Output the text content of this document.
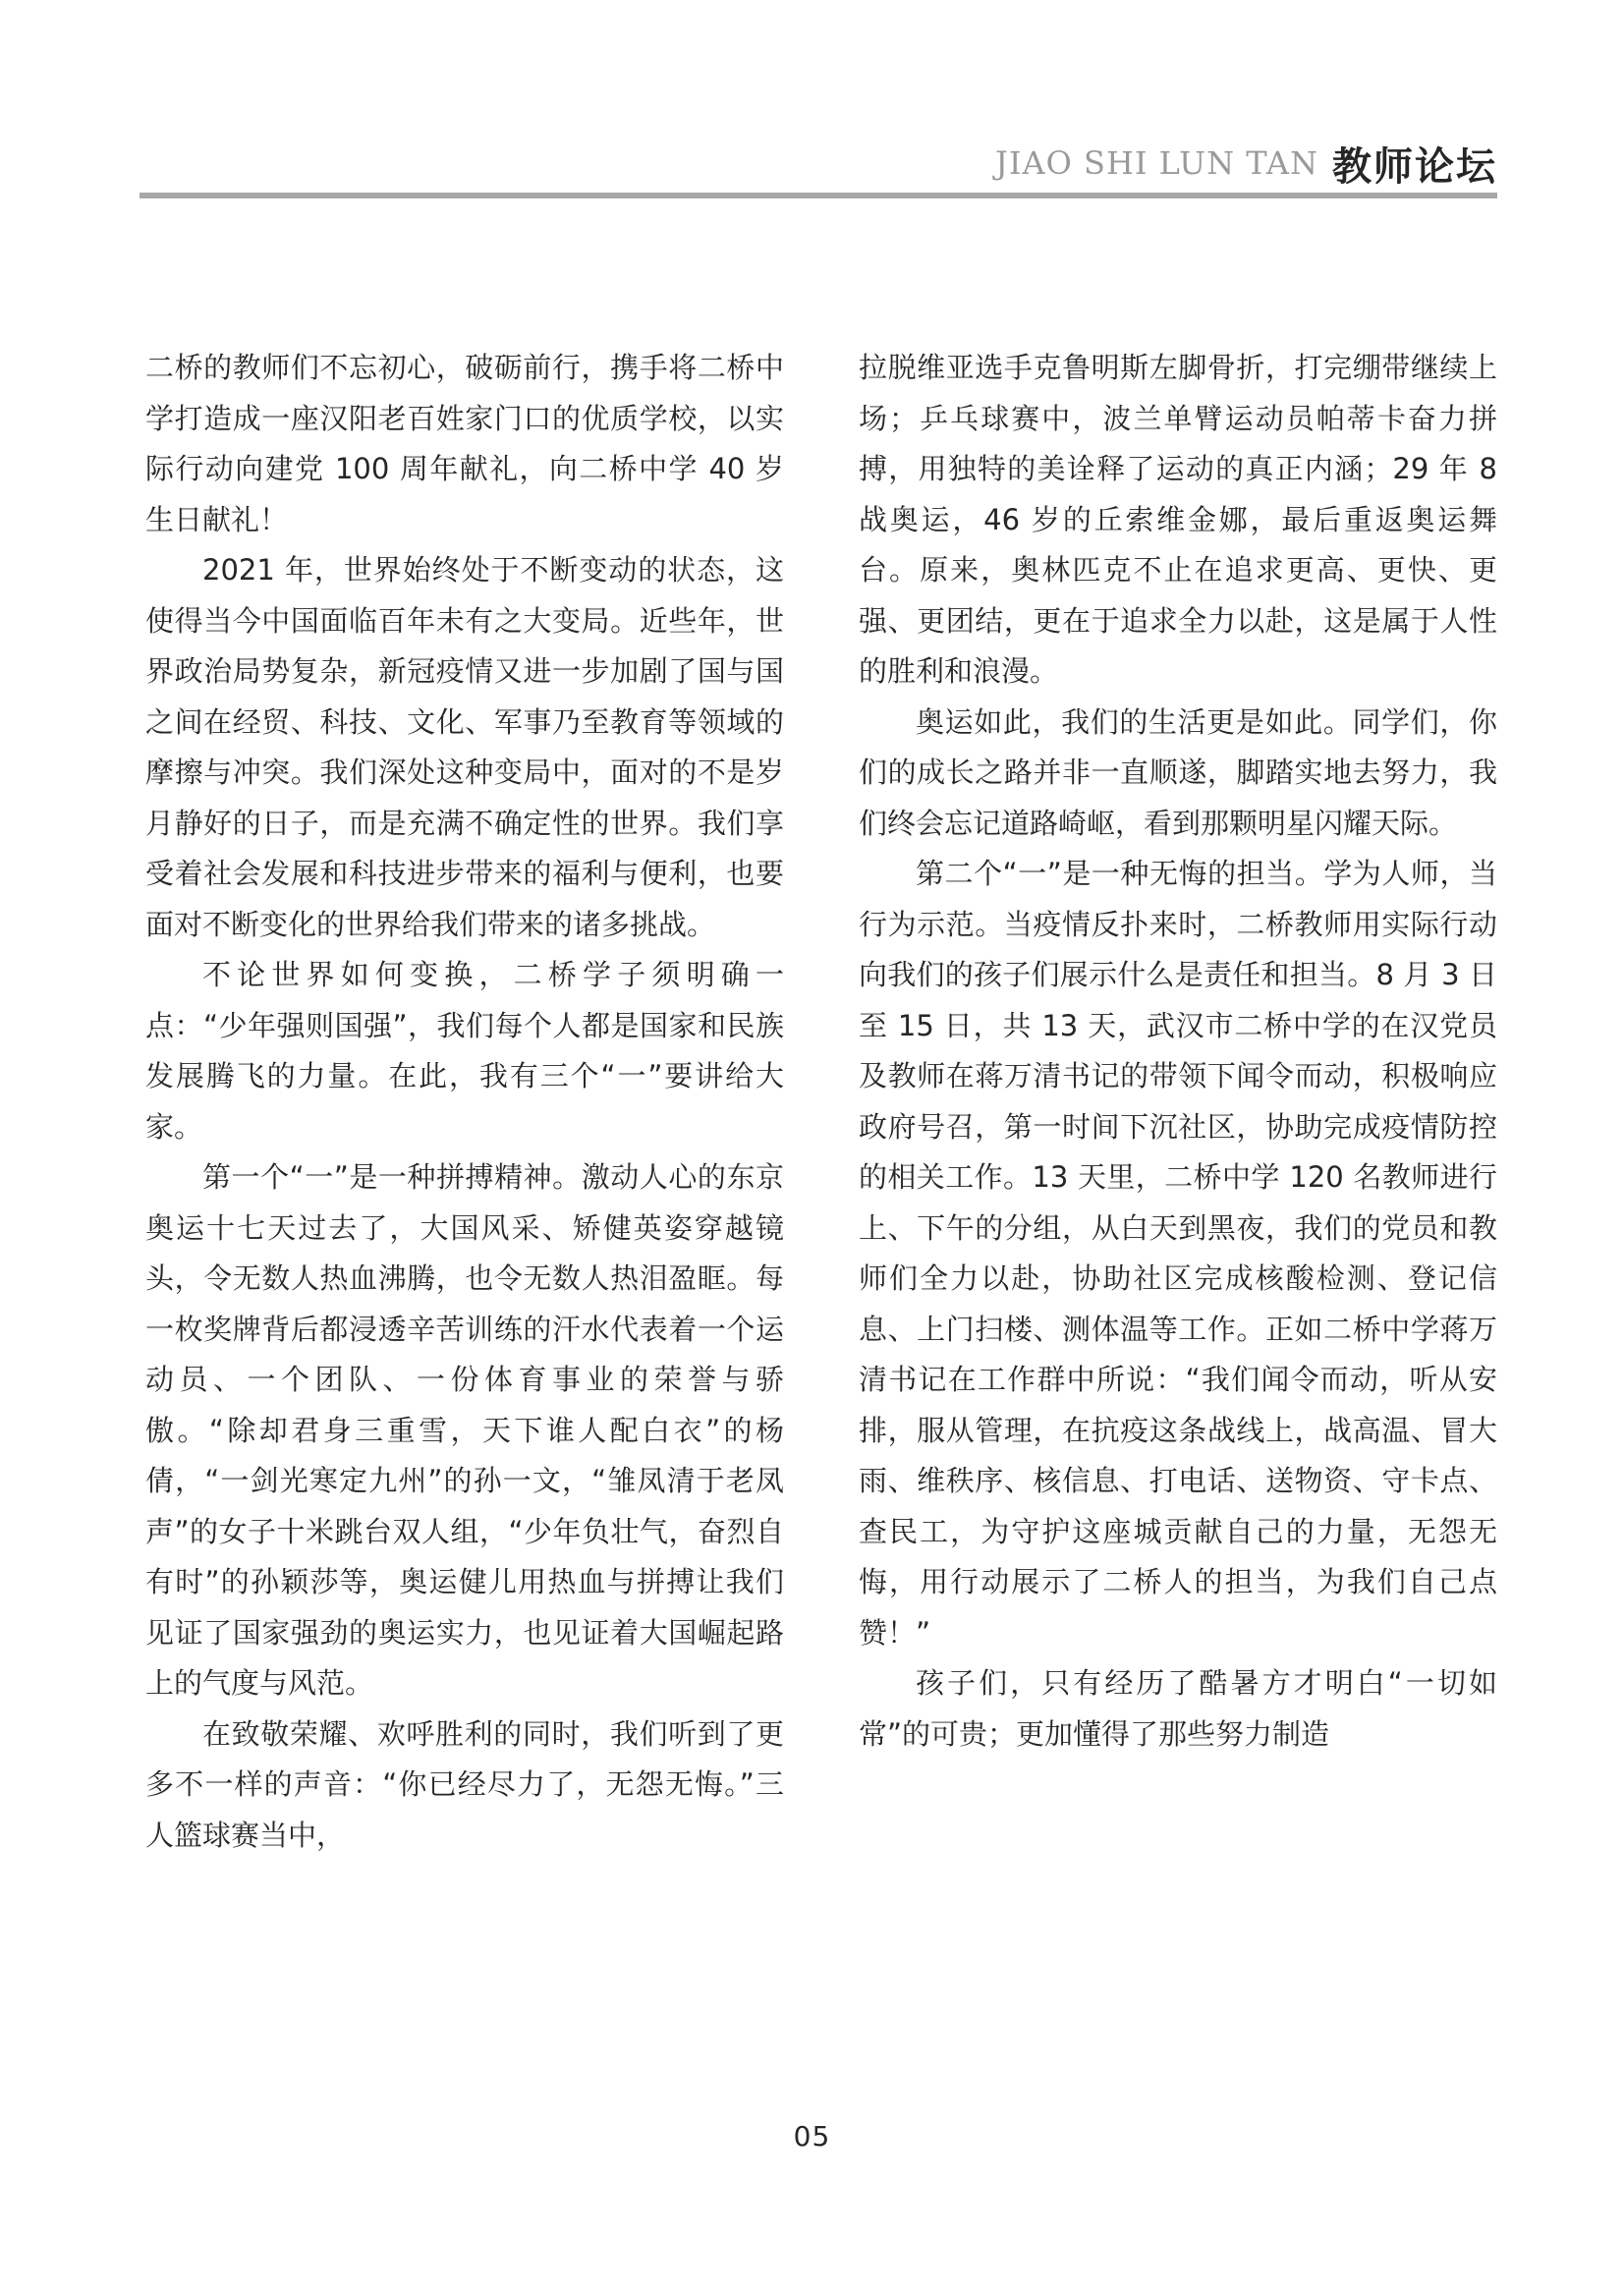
JIAO SHI LUN TAN 教师论坛

二桥的教师们不忘初心，破砺前行，携手将二桥中学打造成一座汉阳老百姓家门口的优质学校，以实际行动向建党 100 周年献礼，向二桥中学 40 岁生日献礼！

2021 年，世界始终处于不断变动的状态，这使得当今中国面临百年未有之大变局。近些年，世界政治局势复杂，新冠疫情又进一步加剧了国与国之间在经贸、科技、文化、军事乃至教育等领域的摩擦与冲突。我们深处这种变局中，面对的不是岁月静好的日子，而是充满不确定性的世界。我们享受着社会发展和科技进步带来的福利与便利，也要面对不断变化的世界给我们带来的诸多挑战。

不论世界如何变换，二桥学子须明确一点：“少年强则国强”，我们每个人都是国家和民族发展腾飞的力量。在此，我有三个“一”要讲给大家。

第一个“一”是一种拼搏精神。激动人心的东京奥运十七天过去了，大国风采、矫健英姿穿越镜头，令无数人热血沸腾，也令无数人热泪盈眶。每一枚奖牌背后都浸透辛苦训练的汗水代表着一个运动员、一个团队、一份体育事业的荣誉与骄傲。“除却君身三重雪，天下谁人配白衣”的杨倩，“一剑光寒定九州”的孙一文，“雏凤清于老凤声”的女子十米跳台双人组，“少年负壮气，奋烈自有时”的孙颖莎等，奥运健儿用热血与拼搏让我们见证了国家强劲的奥运实力，也见证着大国崛起路上的气度与风范。

在致敬荣耀、欢呼胜利的同时，我们听到了更多不一样的声音：“你已经尽力了，无怨无悔。”三人篮球赛当中，

拉脱维亚选手克鲁明斯左脚骨折，打完绷带继续上场；乒乓球赛中，波兰单臂运动员帕蒂卡奋力拼搏，用独特的美诠释了运动的真正内涵；29 年 8 战奥运，46 岁的丘索维金娜，最后重返奥运舞台。原来，奥林匹克不止在追求更高、更快、更强、更团结，更在于追求全力以赴，这是属于人性的胜利和浪漫。

奥运如此，我们的生活更是如此。同学们，你们的成长之路并非一直顺遂，脚踏实地去努力，我们终会忘记道路崎岖，看到那颗明星闪耀天际。

第二个“一”是一种无悔的担当。学为人师，当行为示范。当疫情反扑来时，二桥教师用实际行动向我们的孩子们展示什么是责任和担当。8 月 3 日至 15 日，共 13 天，武汉市二桥中学的在汉党员及教师在蒋万清书记的带领下闻令而动，积极响应政府号召，第一时间下沉社区，协助完成疫情防控的相关工作。13 天里，二桥中学 120 名教师进行上、下午的分组，从白天到黑夜，我们的党员和教师们全力以赴，协助社区完成核酸检测、登记信息、上门扫楼、测体温等工作。正如二桥中学蒋万清书记在工作群中所说：“我们闻令而动，听从安排，服从管理，在抗疫这条战线上，战高温、冒大雨、维秩序、核信息、打电话、送物资、守卡点、查民工，为守护这座城贡献自己的力量，无怨无悔，用行动展示了二桥人的担当，为我们自己点赞！”

孩子们，只有经历了酷暑方才明白“一切如常”的可贵；更加懂得了那些努力制造

05
